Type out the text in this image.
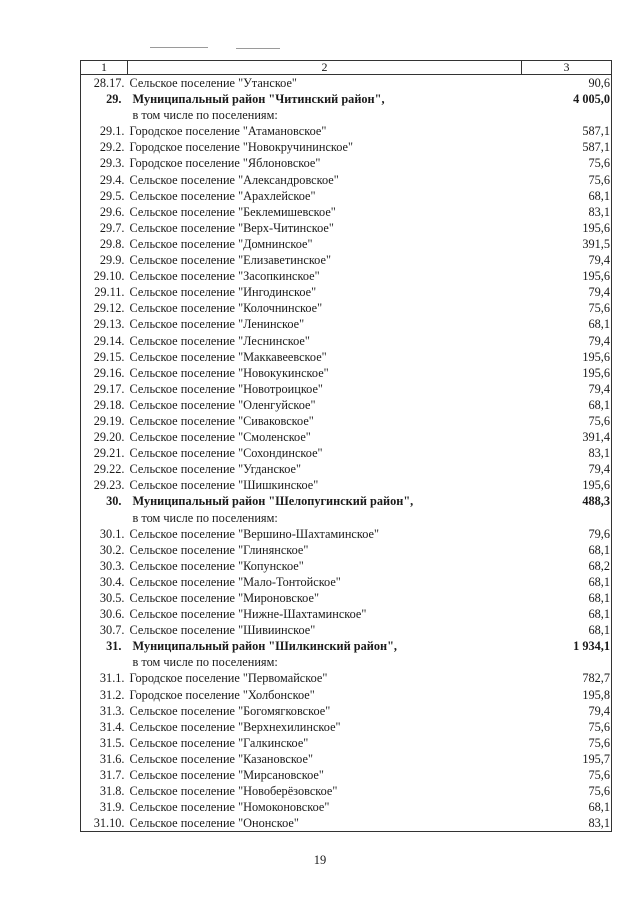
1	2	3
28.17.	Сельское поселение "Утанское"	90,6
29.	Муниципальный район "Читинский район",	4 005,0
	в том числе по поселениям:	
29.1.	Городское поселение "Атамановское"	587,1
29.2.	Городское поселение "Новокручининское"	587,1
29.3.	Городское поселение "Яблоновское"	75,6
29.4.	Сельское поселение "Александровское"	75,6
29.5.	Сельское поселение "Арахлейское"	68,1
29.6.	Сельское поселение "Беклемишевское"	83,1
29.7.	Сельское поселение "Верх-Читинское"	195,6
29.8.	Сельское поселение "Домнинское"	391,5
29.9.	Сельское поселение "Елизаветинское"	79,4
29.10.	Сельское поселение "Засопкинское"	195,6
29.11.	Сельское поселение "Ингодинское"	79,4
29.12.	Сельское поселение "Колочнинское"	75,6
29.13.	Сельское поселение "Ленинское"	68,1
29.14.	Сельское поселение "Леснинское"	79,4
29.15.	Сельское поселение "Маккавеевское"	195,6
29.16.	Сельское поселение "Новокукинское"	195,6
29.17.	Сельское поселение "Новотроицкое"	79,4
29.18.	Сельское поселение "Оленгуйское"	68,1
29.19.	Сельское поселение "Сиваковское"	75,6
29.20.	Сельское поселение "Смоленское"	391,4
29.21.	Сельское поселение "Сохондинское"	83,1
29.22.	Сельское поселение "Угданское"	79,4
29.23.	Сельское поселение "Шишкинское"	195,6
30.	Муниципальный район "Шелопугинский район",	488,3
	в том числе по поселениям:	
30.1.	Сельское поселение "Вершино-Шахтаминское"	79,6
30.2.	Сельское поселение "Глинянское"	68,1
30.3.	Сельское поселение "Копунское"	68,2
30.4.	Сельское поселение "Мало-Тонтойское"	68,1
30.5.	Сельское поселение "Мироновское"	68,1
30.6.	Сельское поселение "Нижне-Шахтаминское"	68,1
30.7.	Сельское поселение "Шивиинское"	68,1
31.	Муниципальный район "Шилкинский район",	1 934,1
	в том числе по поселениям:	
31.1.	Городское поселение "Первомайское"	782,7
31.2.	Городское поселение "Холбонское"	195,8
31.3.	Сельское поселение "Богомягковское"	79,4
31.4.	Сельское поселение "Верхнехилинское"	75,6
31.5.	Сельское поселение "Галкинское"	75,6
31.6.	Сельское поселение "Казановское"	195,7
31.7.	Сельское поселение "Мирсановское"	75,6
31.8.	Сельское поселение "Новоберёзовское"	75,6
31.9.	Сельское поселение "Номоконовское"	68,1
31.10.	Сельское поселение "Ононское"	83,1
19
